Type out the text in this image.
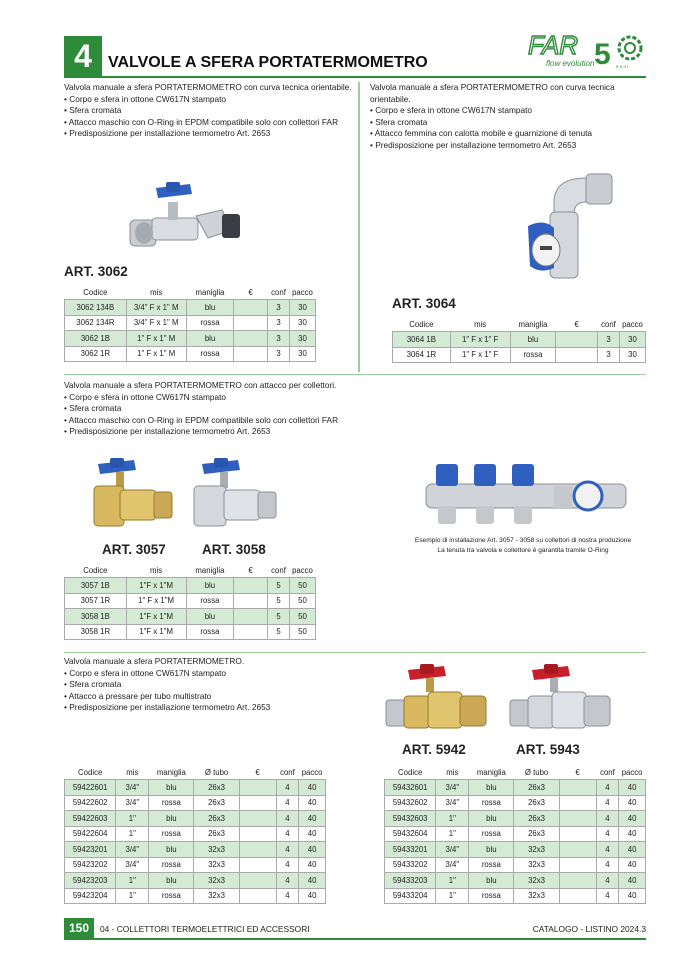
4 VALVOLE A SFERA PORTATERMOMETRO
FAR 5
flow evolution	e n n i
Valvola manuale a sfera PORTATERMOMETRO con curva tecnica orientabile.
• Corpo e sfera in ottone CW617N stampato
• Sfera cromata
• Attacco maschio con O-Ring in EPDM compatibile solo con collettori FAR
• Predisposizione per installazione termometro Art. 2653
ART. 3062
Codice	mis	maniglia	€	conf	pacco
3062 134B	3/4" F x 1" M	blu		3	30
3062 134R	3/4" F x 1" M	rossa		3	30
3062 1B	1" F x 1" M	blu		3	30
3062 1R	1" F x 1" M	rossa		3	30
Valvola manuale a sfera PORTATERMOMETRO con curva tecnica orientabile.
• Corpo e sfera in ottone CW617N stampato
• Sfera cromata
• Attacco femmina con calotta mobile e guarnizione di tenuta
• Predisposizione per installazione termometro Art. 2653
ART. 3064
Codice	mis	maniglia	€	conf	pacco
3064 1B	1" F x 1" F	blu		3	30
3064 1R	1" F x 1" F	rossa		3	30
Valvola manuale a sfera PORTATERMOMETRO con attacco per collettori.
• Corpo e sfera in ottone CW617N stampato
• Sfera cromata
• Attacco maschio con O-Ring in EPDM compatibile solo con collettori FAR
• Predisposizione per installazione termometro Art. 2653
ART. 3057	ART. 3058
Esempio di installazione Art. 3057 - 3058 su collettori di nostra produzione
La tenuta tra valvola e collettore è garantita tramite O-Ring
Codice	mis	maniglia	€	conf	pacco
3057 1B	1"F x 1"M	blu		5	50
3057 1R	1" F x 1"M	rossa		5	50
3058 1B	1"F x 1"M	blu		5	50
3058 1R	1"F x 1"M	rossa		5	50
Valvola manuale a sfera PORTATERMOMETRO.
• Corpo e sfera in ottone CW617N stampato
• Sfera cromata
• Attacco a pressare per tubo multistrato
• Predisposizione per installazione termometro Art. 2653
ART. 5942	ART. 5943
Codice	mis	maniglia	Ø tubo	€	conf	pacco
59422601	3/4"	blu	26x3		4	40
59422602	3/4"	rossa	26x3		4	40
59422603	1"	blu	26x3		4	40
59422604	1"	rossa	26x3		4	40
59423201	3/4"	blu	32x3		4	40
59423202	3/4"	rossa	32x3		4	40
59423203	1"	blu	32x3		4	40
59423204	1"	rossa	32x3		4	40
Codice	mis	maniglia	Ø tubo	€	conf	pacco
59432601	3/4"	blu	26x3		4	40
59432602	3/4"	rossa	26x3		4	40
59432603	1"	blu	26x3		4	40
59432604	1"	rossa	26x3		4	40
59433201	3/4"	blu	32x3		4	40
59433202	3/4"	rossa	32x3		4	40
59433203	1"	blu	32x3		4	40
59433204	1"	rossa	32x3		4	40
150 04 - COLLETTORI TERMOELETTRICI ED ACCESSORI	CATALOGO - LISTINO 2024.3
